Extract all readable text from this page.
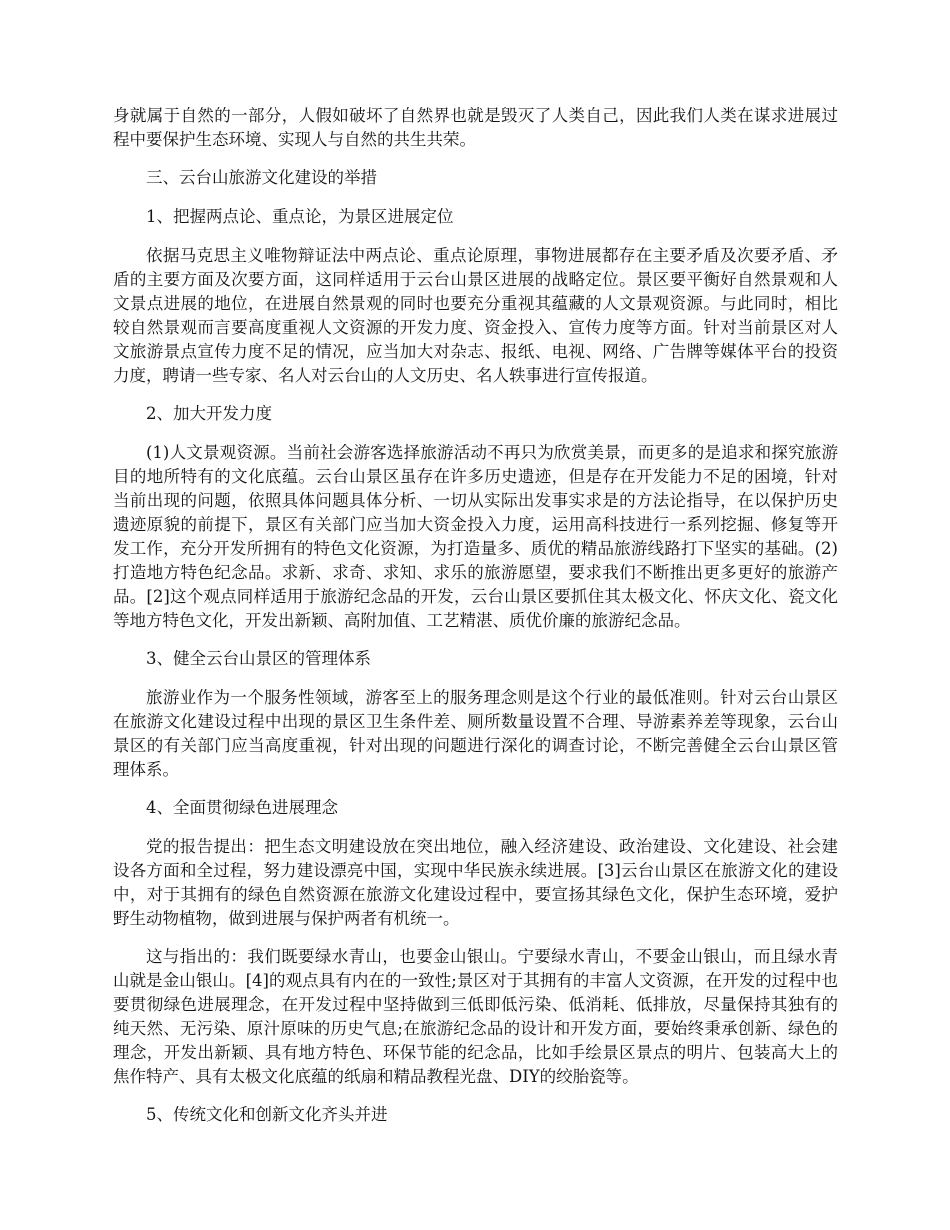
身就属于自然的一部分，人假如破坏了自然界也就是毁灭了人类自己，因此我们人类在谋求进展过程中要保护生态环境、实现人与自然的共生共荣。

三、云台山旅游文化建设的举措

1、把握两点论、重点论，为景区进展定位

依据马克思主义唯物辩证法中两点论、重点论原理，事物进展都存在主要矛盾及次要矛盾、矛盾的主要方面及次要方面，这同样适用于云台山景区进展的战略定位。景区要平衡好自然景观和人文景点进展的地位，在进展自然景观的同时也要充分重视其蕴藏的人文景观资源。与此同时，相比较自然景观而言要高度重视人文资源的开发力度、资金投入、宣传力度等方面。针对当前景区对人文旅游景点宣传力度不足的情况，应当加大对杂志、报纸、电视、网络、广告牌等媒体平台的投资力度，聘请一些专家、名人对云台山的人文历史、名人轶事进行宣传报道。

2、加大开发力度

(1)人文景观资源。当前社会游客选择旅游活动不再只为欣赏美景，而更多的是追求和探究旅游目的地所特有的文化底蕴。云台山景区虽存在许多历史遗迹，但是存在开发能力不足的困境，针对当前出现的问题，依照具体问题具体分析、一切从实际出发事实求是的方法论指导，在以保护历史遗迹原貌的前提下，景区有关部门应当加大资金投入力度，运用高科技进行一系列挖掘、修复等开发工作，充分开发所拥有的特色文化资源，为打造量多、质优的精品旅游线路打下坚实的基础。(2)打造地方特色纪念品。求新、求奇、求知、求乐的旅游愿望，要求我们不断推出更多更好的旅游产品。[2]这个观点同样适用于旅游纪念品的开发，云台山景区要抓住其太极文化、怀庆文化、瓷文化等地方特色文化，开发出新颖、高附加值、工艺精湛、质优价廉的旅游纪念品。

3、健全云台山景区的管理体系

旅游业作为一个服务性领域，游客至上的服务理念则是这个行业的最低准则。针对云台山景区在旅游文化建设过程中出现的景区卫生条件差、厕所数量设置不合理、导游素养差等现象，云台山景区的有关部门应当高度重视，针对出现的问题进行深化的调查讨论，不断完善健全云台山景区管理体系。

4、全面贯彻绿色进展理念

党的报告提出：把生态文明建设放在突出地位，融入经济建设、政治建设、文化建设、社会建设各方面和全过程，努力建设漂亮中国，实现中华民族永续进展。[3]云台山景区在旅游文化的建设中，对于其拥有的绿色自然资源在旅游文化建设过程中，要宣扬其绿色文化，保护生态环境，爱护野生动物植物，做到进展与保护两者有机统一。

这与指出的：我们既要绿水青山，也要金山银山。宁要绿水青山，不要金山银山，而且绿水青山就是金山银山。[4]的观点具有内在的一致性;景区对于其拥有的丰富人文资源，在开发的过程中也要贯彻绿色进展理念，在开发过程中坚持做到三低即低污染、低消耗、低排放，尽量保持其独有的纯天然、无污染、原汁原味的历史气息;在旅游纪念品的设计和开发方面，要始终秉承创新、绿色的理念，开发出新颖、具有地方特色、环保节能的纪念品，比如手绘景区景点的明片、包装高大上的焦作特产、具有太极文化底蕴的纸扇和精品教程光盘、DIY的绞胎瓷等。

5、传统文化和创新文化齐头并进
